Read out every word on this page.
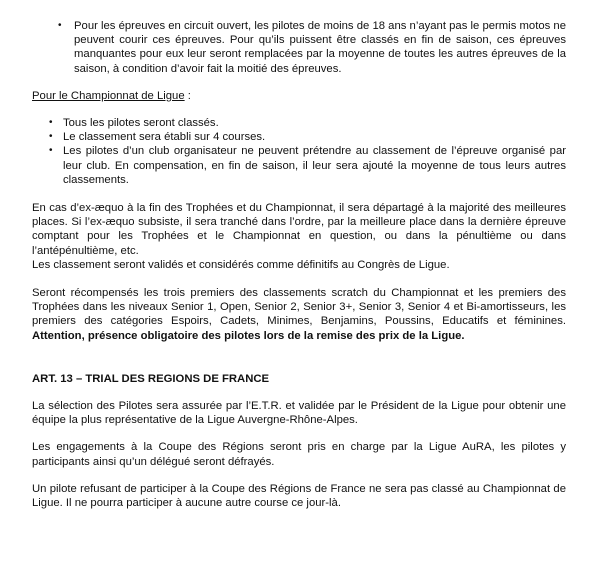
• Pour les épreuves en circuit ouvert, les pilotes de moins de 18 ans n’ayant pas le permis motos ne peuvent courir ces épreuves. Pour qu’ils puissent être classés en fin de saison, ces épreuves manquantes pour eux leur seront remplacées par la moyenne de toutes les autres épreuves de la saison, à condition d’avoir fait la moitié des épreuves.

Pour le Championnat de Ligue :

• Tous les pilotes seront classés.
• Le classement sera établi sur 4 courses.
• Les pilotes d’un club organisateur ne peuvent prétendre au classement de l’épreuve organisé par leur club. En compensation, en fin de saison, il leur sera ajouté la moyenne de tous leurs autres classements.

En cas d’ex-æquo à la fin des Trophées et du Championnat, il sera départagé à la majorité des meilleures places. Si l’ex-æquo subsiste, il sera tranché dans l’ordre, par la meilleure place dans la dernière épreuve comptant pour les Trophées et le Championnat en question, ou dans la pénultième ou dans l’antépénultième, etc.

Les classement seront validés et considérés comme définitifs au Congrès de Ligue.

Seront récompensés les trois premiers des classements scratch du Championnat et les premiers des Trophées dans les niveaux Senior 1, Open, Senior 2, Senior 3+, Senior 3, Senior 4 et Bi-amortisseurs, les premiers des catégories Espoirs, Cadets, Minimes, Benjamins, Poussins, Educatifs et féminines. Attention, présence obligatoire des pilotes lors de la remise des prix de la Ligue.

ART. 13 – TRIAL DES REGIONS DE FRANCE

La sélection des Pilotes sera assurée par l’E.T.R. et validée par le Président de la Ligue pour obtenir une équipe la plus représentative de la Ligue Auvergne-Rhône-Alpes.

Les engagements à la Coupe des Régions seront pris en charge par la Ligue AuRA, les pilotes y participants ainsi qu’un délégué seront défrayés.

Un pilote refusant de participer à la Coupe des Régions de France ne sera pas classé au Championnat de Ligue. Il ne pourra participer à aucune autre course ce jour-là.
